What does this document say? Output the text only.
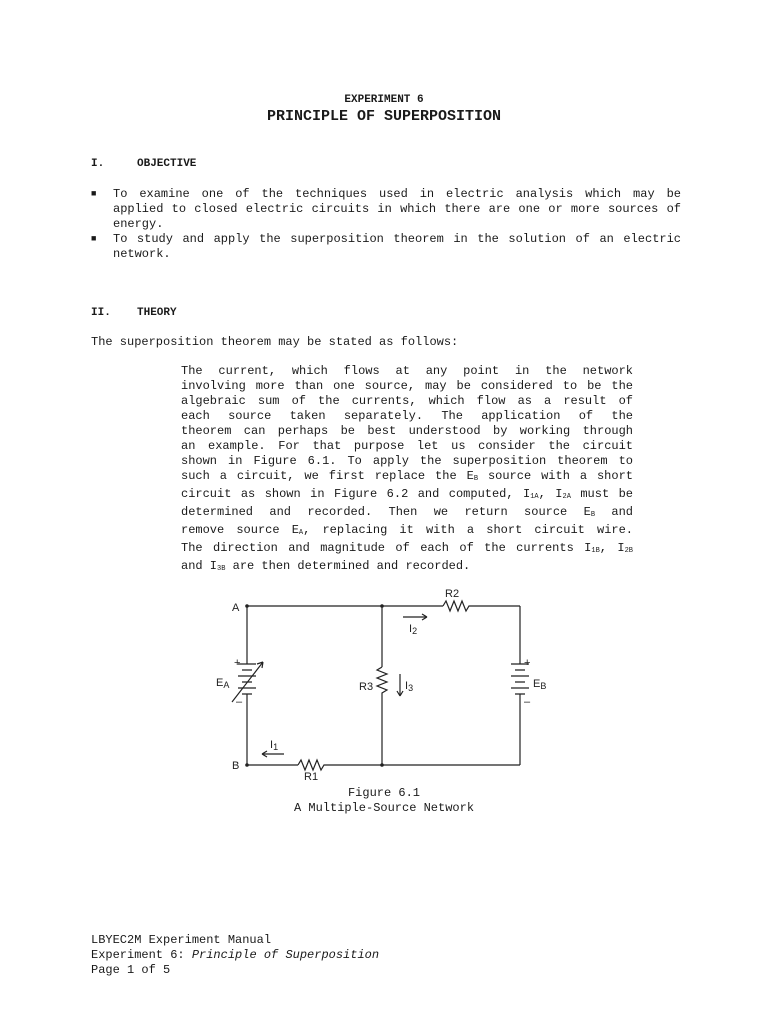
EXPERIMENT 6
PRINCIPLE OF SUPERPOSITION
I.	OBJECTIVE
■ To examine one of the techniques used in electric analysis which may be applied to closed electric circuits in which there are one or more sources of energy.
■ To study and apply the superposition theorem in the solution of an electric network.
II. THEORY
The superposition theorem may be stated as follows:
The current, which flows at any point in the network
involving more than one source, may be considered to be the
algebraic sum of the currents, which flow as a result of
each source taken separately. The application of the
theorem can perhaps be best understood by working through
an example. For that purpose let us consider the circuit
shown in Figure 6.1. To apply the superposition theorem to
such a circuit, we first replace the EB source with a short
circuit as shown in Figure 6.2 and computed, I1A, I2A must be
determined and recorded. Then we return source EB and
remove source EA, replacing it with a short circuit wire.
The direction and magnitude of each of the currents I1B, I2B
and I3B are then determined and recorded.
A
B
R2
R1
R3
I2
I3
I1
EA	EB
+
–
+
–
Figure 6.1
A Multiple-Source Network
LBYEC2M Experiment Manual
Experiment 6: Principle of Superposition
Page 1 of 5
